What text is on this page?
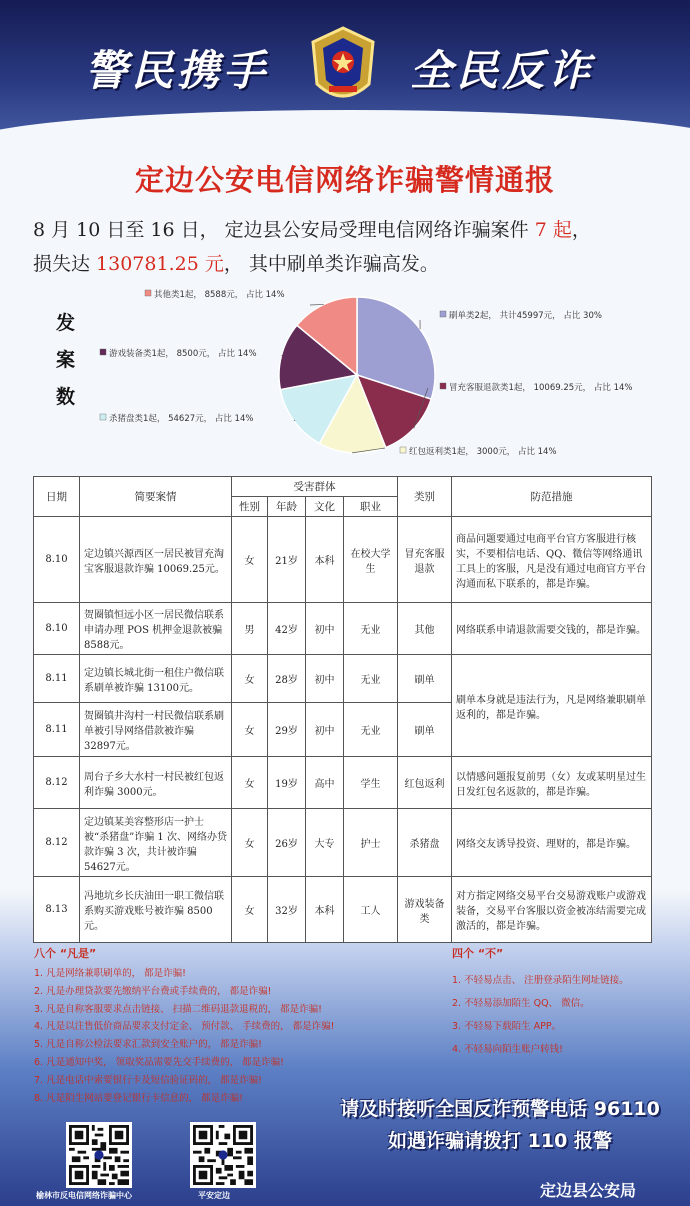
警民携手	全民反诈
定边公安电信网络诈骗警情通报
8 月 10 日至 16 日， 定边县公安局受理电信网络诈骗案件 7 起，
损失达 130781.25 元， 其中刷单类诈骗高发。
发
案
数
刷单类2起， 共计45997元， 占比 30%
冒充客服退款类1起， 10069.25元， 占比 14%
红包返利类1起， 3000元， 占比 14%
杀猪盘类1起， 54627元， 占比 14%
游戏装备类1起， 8500元， 占比 14%
其他类1起， 8588元， 占比 14%
日期	简要案情	受害群体				类别	防范措施
		性别	年龄	文化	职业		
8.10	定边镇兴源西区一居民被冒充淘宝客服退款诈骗 10069.25元。	女	21岁	本科	在校大学生	冒充客服退款	商品问题要通过电商平台官方客服进行核实，不要相信电话、QQ、微信等网络通讯工具上的客服，凡是没有通过电商官方平台沟通而私下联系的，都是诈骗。
8.10	贺圈镇恒远小区一居民微信联系申请办理 POS 机押金退款被骗 8588元。	男	42岁	初中	无业	其他	网络联系申请退款需要交钱的，都是诈骗。
8.11	定边镇长城北街一租住户微信联系刷单被诈骗 13100元。	女	28岁	初中	无业	刷单	刷单本身就是违法行为，凡是网络兼职刷单返利的，都是诈骗。
8.11	贺圈镇井沟村一村民微信联系刷单被引导网络借款被诈骗 32897元。	女	29岁	初中	无业	刷单	
8.12	周台子乡大水村一村民被红包返利诈骗 3000元。	女	19岁	高中	学生	红包返利	以情感问题报复前男（女）友或某明星过生日发红包名返款的，都是诈骗。
8.12	定边镇某美容整形店一护士被“杀猪盘”诈骗 1 次、网络办贷款诈骗 3 次，共计被诈骗 54627元。	女	26岁	大专	护士	杀猪盘	网络交友诱导投资、理财的，都是诈骗。
8.13	冯地坑乡长庆油田一职工微信联系购买游戏账号被诈骗 8500元。	女	32岁	本科	工人	游戏装备类	对方指定网络交易平台交易游戏账户或游戏装备，交易平台客服以资金被冻结需要完成激活的，都是诈骗。
八个 “凡是”
1. 凡是网络兼职刷单的， 都是诈骗!
2. 凡是办理贷款要先缴纳平台费或手续费的， 都是诈骗!
3. 凡是自称客服要求点击链接、 扫描二维码退款退税的， 都是诈骗!
4. 凡是以注售低价商品要求支付定金、 预付款、 手续费的， 都是诈骗!
5. 凡是自称公检法要求汇款到安全账户的， 都是诈骗!
6. 凡是通知中奖， 领取奖品需要先交手续费的， 都是诈骗!
7. 凡是电话中索要银行卡及短信验证码的， 都是诈骗!
8. 凡是陌生网站要登记银行卡信息的， 都是诈骗!
四个 “不”
1. 不轻易点击、 注册登录陌生网址链接。
2. 不轻易添加陌生 QQ、 微信。
3. 不轻易下载陌生 APP。
4. 不轻易向陌生账户转钱!
请及时接听全国反诈预警电话 96110
如遇诈骗请拨打 110 报警
榆林市反电信网络诈骗中心	平安定边	定边县公安局
